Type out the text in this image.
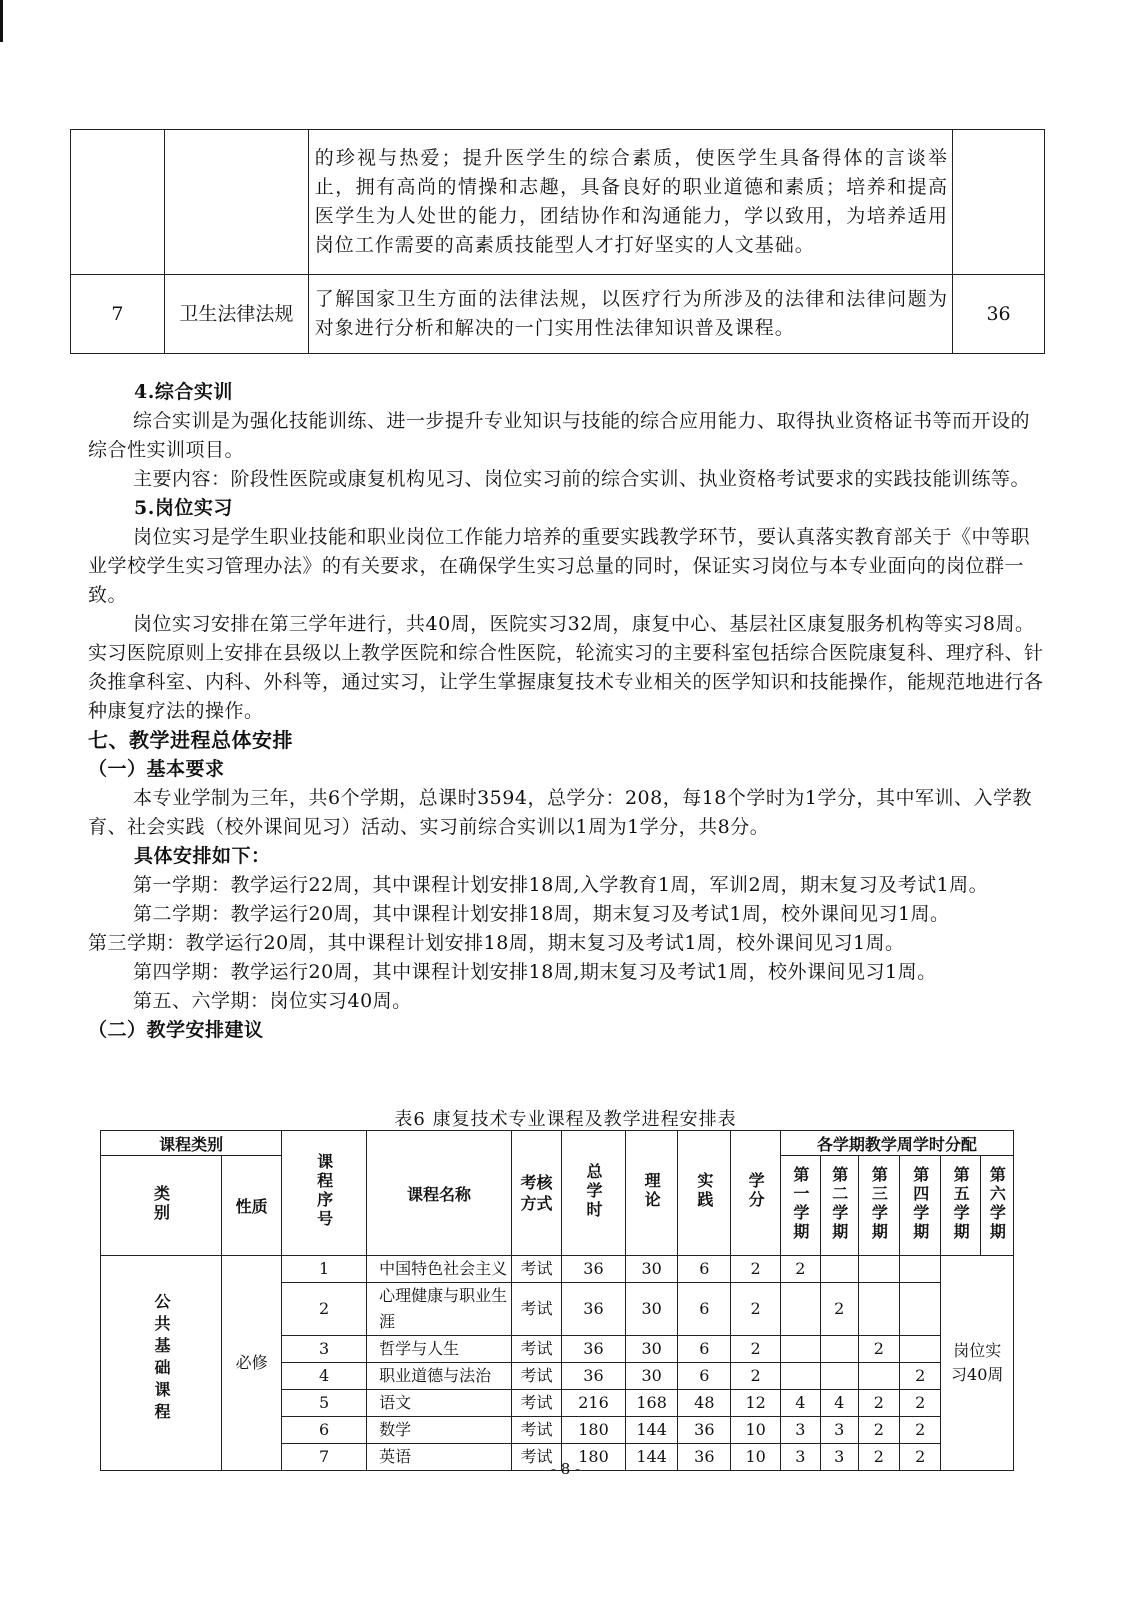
		的珍视与热爱；提升医学生的综合素质，使医学生具备得体的言谈举止，拥有高尚的情操和志趣，具备良好的职业道德和素质；培养和提高医学生为人处世的能力，团结协作和沟通能力，学以致用，为培养适用岗位工作需要的高素质技能型人才打好坚实的人文基础。	
7	卫生法律法规	了解国家卫生方面的法律法规，以医疗行为所涉及的法律和法律问题为对象进行分析和解决的一门实用性法律知识普及课程。	36

4.综合实训

综合实训是为强化技能训练、进一步提升专业知识与技能的综合应用能力、取得执业资格证书等而开设的综合性实训项目。

主要内容：阶段性医院或康复机构见习、岗位实习前的综合实训、执业资格考试要求的实践技能训练等。

5.岗位实习

岗位实习是学生职业技能和职业岗位工作能力培养的重要实践教学环节，要认真落实教育部关于《中等职业学校学生实习管理办法》的有关要求，在确保学生实习总量的同时，保证实习岗位与本专业面向的岗位群一致。

岗位实习安排在第三学年进行，共40周，医院实习32周，康复中心、基层社区康复服务机构等实习8周。实习医院原则上安排在县级以上教学医院和综合性医院，轮流实习的主要科室包括综合医院康复科、理疗科、针灸推拿科室、内科、外科等，通过实习，让学生掌握康复技术专业相关的医学知识和技能操作，能规范地进行各种康复疗法的操作。

七、教学进程总体安排

（一）基本要求

本专业学制为三年，共6个学期，总课时3594，总学分：208，每18个学时为1学分，其中军训、入学教育、社会实践（校外课间见习）活动、实习前综合实训以1周为1学分，共8分。

具体安排如下：

第一学期：教学运行22周，其中课程计划安排18周,入学教育1周，军训2周，期末复习及考试1周。

第二学期：教学运行20周，其中课程计划安排18周，期末复习及考试1周，校外课间见习1周。

第三学期：教学运行20周，其中课程计划安排18周，期末复习及考试1周，校外课间见习1周。

第四学期：教学运行20周，其中课程计划安排18周,期末复习及考试1周，校外课间见习1周。

第五、六学期：岗位实习40周。

（二）教学安排建议

表6 康复技术专业课程及教学进程安排表
课程类别		课程序号	课程名称	考核
方式	总学时	理论	实践	学分	各学期教学周学时分配					
类别	性质								第一学期	第二学期	第三学期	第四学期	第五学期	第六学期
公共基础课程	必修	1	中国特色社会主义	考试	36	30	6	2	2				岗位实习40周	
		2	心理健康与职业生涯	考试	36	30	6	2		2				
		3	哲学与人生	考试	36	30	6	2			2			
		4	职业道德与法治	考试	36	30	6	2				2		
		5	语文	考试	216	168	48	12	4	4	2	2		
		6	数学	考试	180	144	36	10	3	3	2	2		
		7	英语	考试	180	144	36	10	3	3	2	2		
- 8 -
